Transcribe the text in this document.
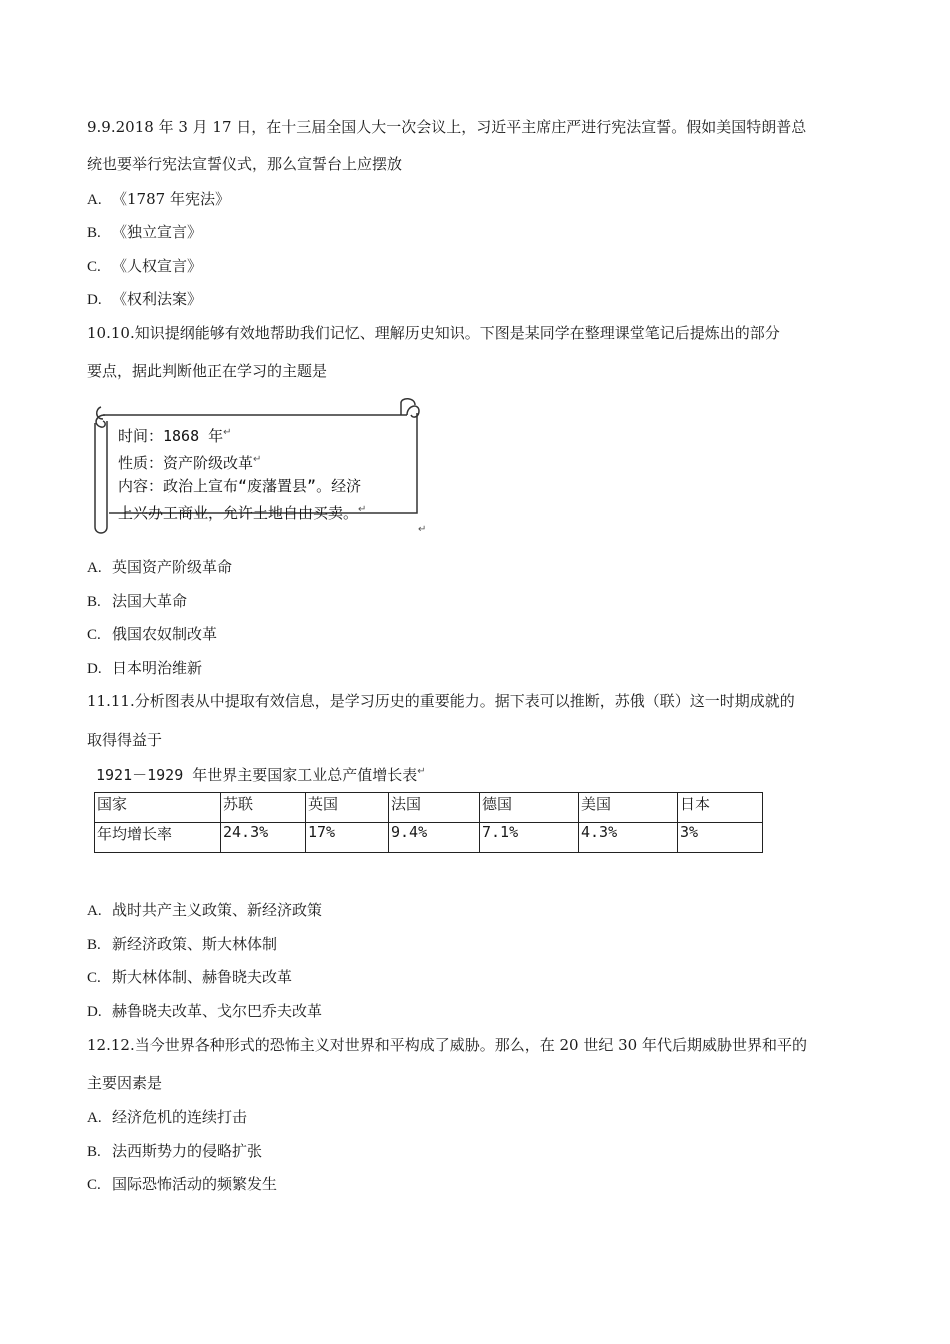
9.9.2018 年 3 月 17 日，在十三届全国人大一次会议上，习近平主席庄严进行宪法宣誓。假如美国特朗普总
统也要举行宪法宣誓仪式，那么宣誓台上应摆放
A. 《1787 年宪法》
B. 《独立宣言》
C. 《人权宣言》
D. 《权利法案》
10.10.知识提纲能够有效地帮助我们记忆、理解历史知识。下图是某同学在整理课堂笔记后提炼出的部分
要点，据此判断他正在学习的主题是
时间：1868 年↵
性质：资产阶级改革↵
内容：政治上宣布“废藩置县”。经济
上兴办工商业，允许土地自由买卖。↵
↵
A. 英国资产阶级革命
B. 法国大革命
C. 俄国农奴制改革
D. 日本明治维新
11.11.分析图表从中提取有效信息，是学习历史的重要能力。据下表可以推断，苏俄（联）这一时期成就的
取得得益于
1921－1929 年世界主要国家工业总产值增长表↵
国家	苏联	英国	法国	德国	美国	日本
年均增长率	24.3%	17%	9.4%	7.1%	4.3%	3%
A. 战时共产主义政策、新经济政策
B. 新经济政策、斯大林体制
C. 斯大林体制、赫鲁晓夫改革
D. 赫鲁晓夫改革、戈尔巴乔夫改革
12.12.当今世界各种形式的恐怖主义对世界和平构成了威胁。那么，在 20 世纪 30 年代后期威胁世界和平的
主要因素是
A. 经济危机的连续打击
B. 法西斯势力的侵略扩张
C. 国际恐怖活动的频繁发生
